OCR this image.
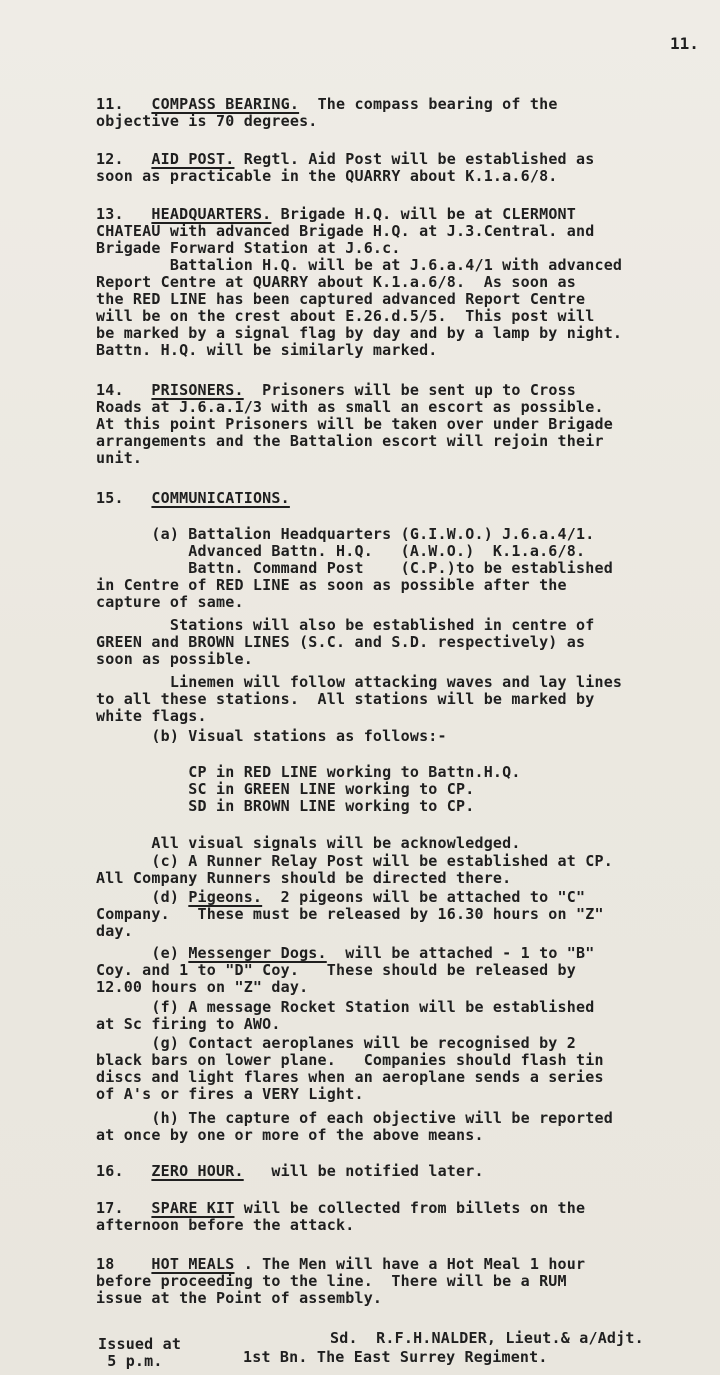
11.
11. COMPASS BEARING.  The compass bearing of the
objective is 70 degrees.
12. AID POST. Regtl. Aid Post will be established as
soon as practicable in the QUARRY about K.1.a.6/8.
13. HEADQUARTERS. Brigade H.Q. will be at CLERMONT
CHATEAU with advanced Brigade H.Q. at J.3.Central. and
Brigade Forward Station at J.6.c.
Battalion H.Q. will be at J.6.a.4/1 with advanced
Report Centre at QUARRY about K.1.a.6/8.  As soon as
the RED LINE has been captured advanced Report Centre
will be on the crest about E.26.d.5/5.  This post will
be marked by a signal flag by day and by a lamp by night.
Battn. H.Q. will be similarly marked.
14. PRISONERS.  Prisoners will be sent up to Cross
Roads at J.6.a.1/3 with as small an escort as possible.
At this point Prisoners will be taken over under Brigade
arrangements and the Battalion escort will rejoin their
unit.
15. COMMUNICATIONS.
(a) Battalion Headquarters (G.I.W.O.) J.6.a.4/1.
Advanced Battn. H.Q.   (A.W.O.)  K.1.a.6/8.
Battn. Command Post    (C.P.)to be established
in Centre of RED LINE as soon as possible after the
capture of same.
Stations will also be established in centre of
GREEN and BROWN LINES (S.C. and S.D. respectively) as
soon as possible.
Linemen will follow attacking waves and lay lines
to all these stations.  All stations will be marked by
white flags.
(b) Visual stations as follows:-
CP in RED LINE working to Battn.H.Q.
SC in GREEN LINE working to CP.
SD in BROWN LINE working to CP.
All visual signals will be acknowledged.
(c) A Runner Relay Post will be established at CP.
All Company Runners should be directed there.
(d) Pigeons.  2 pigeons will be attached to "C"
Company.   These must be released by 16.30 hours on "Z"
day.
(e) Messenger Dogs.  will be attached - 1 to "B"
Coy. and 1 to "D" Coy.   These should be released by
12.00 hours on "Z" day.
(f) A message Rocket Station will be established
at Sc firing to AWO.
(g) Contact aeroplanes will be recognised by 2
black bars on lower plane.   Companies should flash tin
discs and light flares when an aeroplane sends a series
of A's or fires a VERY Light.
(h) The capture of each objective will be reported
at once by one or more of the above means.
16. ZERO HOUR.   will be notified later.
17. SPARE KIT will be collected from billets on the
afternoon before the attack.
18 HOT MEALS . The Men will have a Hot Meal 1 hour
before proceeding to the line.  There will be a RUM
issue at the Point of assembly.
Issued at
5 p.m.
Sd.  R.F.H.NALDER, Lieut.& a/Adjt.
1st Bn. The East Surrey Regiment.
